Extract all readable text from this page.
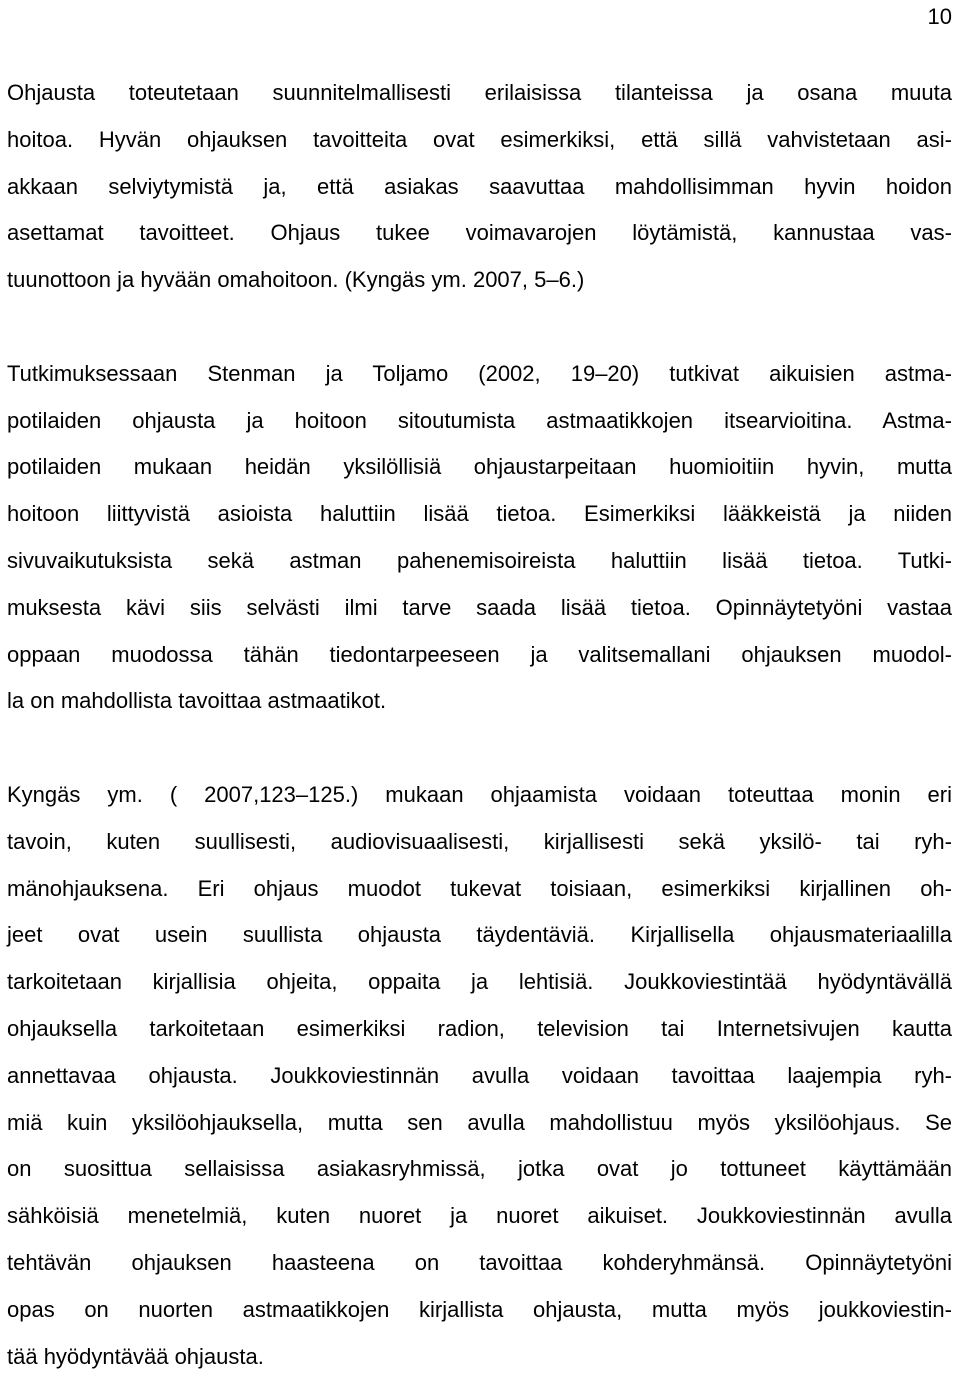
10

Ohjausta toteutetaan suunnitelmallisesti erilaisissa tilanteissa ja osana muuta
hoitoa. Hyvän ohjauksen tavoitteita ovat esimerkiksi, että sillä vahvistetaan asi-
akkaan selviytymistä ja, että asiakas saavuttaa mahdollisimman hyvin hoidon
asettamat tavoitteet. Ohjaus tukee voimavarojen löytämistä, kannustaa vas-
tuunottoon ja hyvään omahoitoon. (Kyngäs ym. 2007, 5–6.)

Tutkimuksessaan Stenman ja Toljamo (2002, 19–20) tutkivat aikuisien astma-
potilaiden ohjausta ja hoitoon sitoutumista astmaatikkojen itsearvioitina. Astma-
potilaiden mukaan heidän yksilöllisiä ohjaustarpeitaan huomioitiin hyvin, mutta
hoitoon liittyvistä asioista haluttiin lisää tietoa. Esimerkiksi lääkkeistä ja niiden
sivuvaikutuksista sekä astman pahenemisoireista haluttiin lisää tietoa. Tutki-
muksesta kävi siis selvästi ilmi tarve saada lisää tietoa. Opinnäytetyöni vastaa
oppaan muodossa tähän tiedontarpeeseen ja valitsemallani ohjauksen muodol-
la on mahdollista tavoittaa astmaatikot.

Kyngäs ym. ( 2007,123–125.) mukaan ohjaamista voidaan toteuttaa monin eri
tavoin, kuten suullisesti, audiovisuaalisesti, kirjallisesti sekä yksilö- tai ryh-
mänohjauksena. Eri ohjaus muodot tukevat toisiaan, esimerkiksi kirjallinen oh-
jeet ovat usein suullista ohjausta täydentäviä. Kirjallisella ohjausmateriaalilla
tarkoitetaan kirjallisia ohjeita, oppaita ja lehtisiä. Joukkoviestintää hyödyntävällä
ohjauksella tarkoitetaan esimerkiksi radion, television tai Internetsivujen kautta
annettavaa ohjausta. Joukkoviestinnän avulla voidaan tavoittaa laajempia ryh-
miä kuin yksilöohjauksella, mutta sen avulla mahdollistuu myös yksilöohjaus. Se
on suosittua sellaisissa asiakasryhmissä, jotka ovat jo tottuneet käyttämään
sähköisiä menetelmiä, kuten nuoret ja nuoret aikuiset. Joukkoviestinnän avulla
tehtävän ohjauksen haasteena on tavoittaa kohderyhmänsä. Opinnäytetyöni
opas on nuorten astmaatikkojen kirjallista ohjausta, mutta myös joukkoviestin-
tää hyödyntävää ohjausta.
